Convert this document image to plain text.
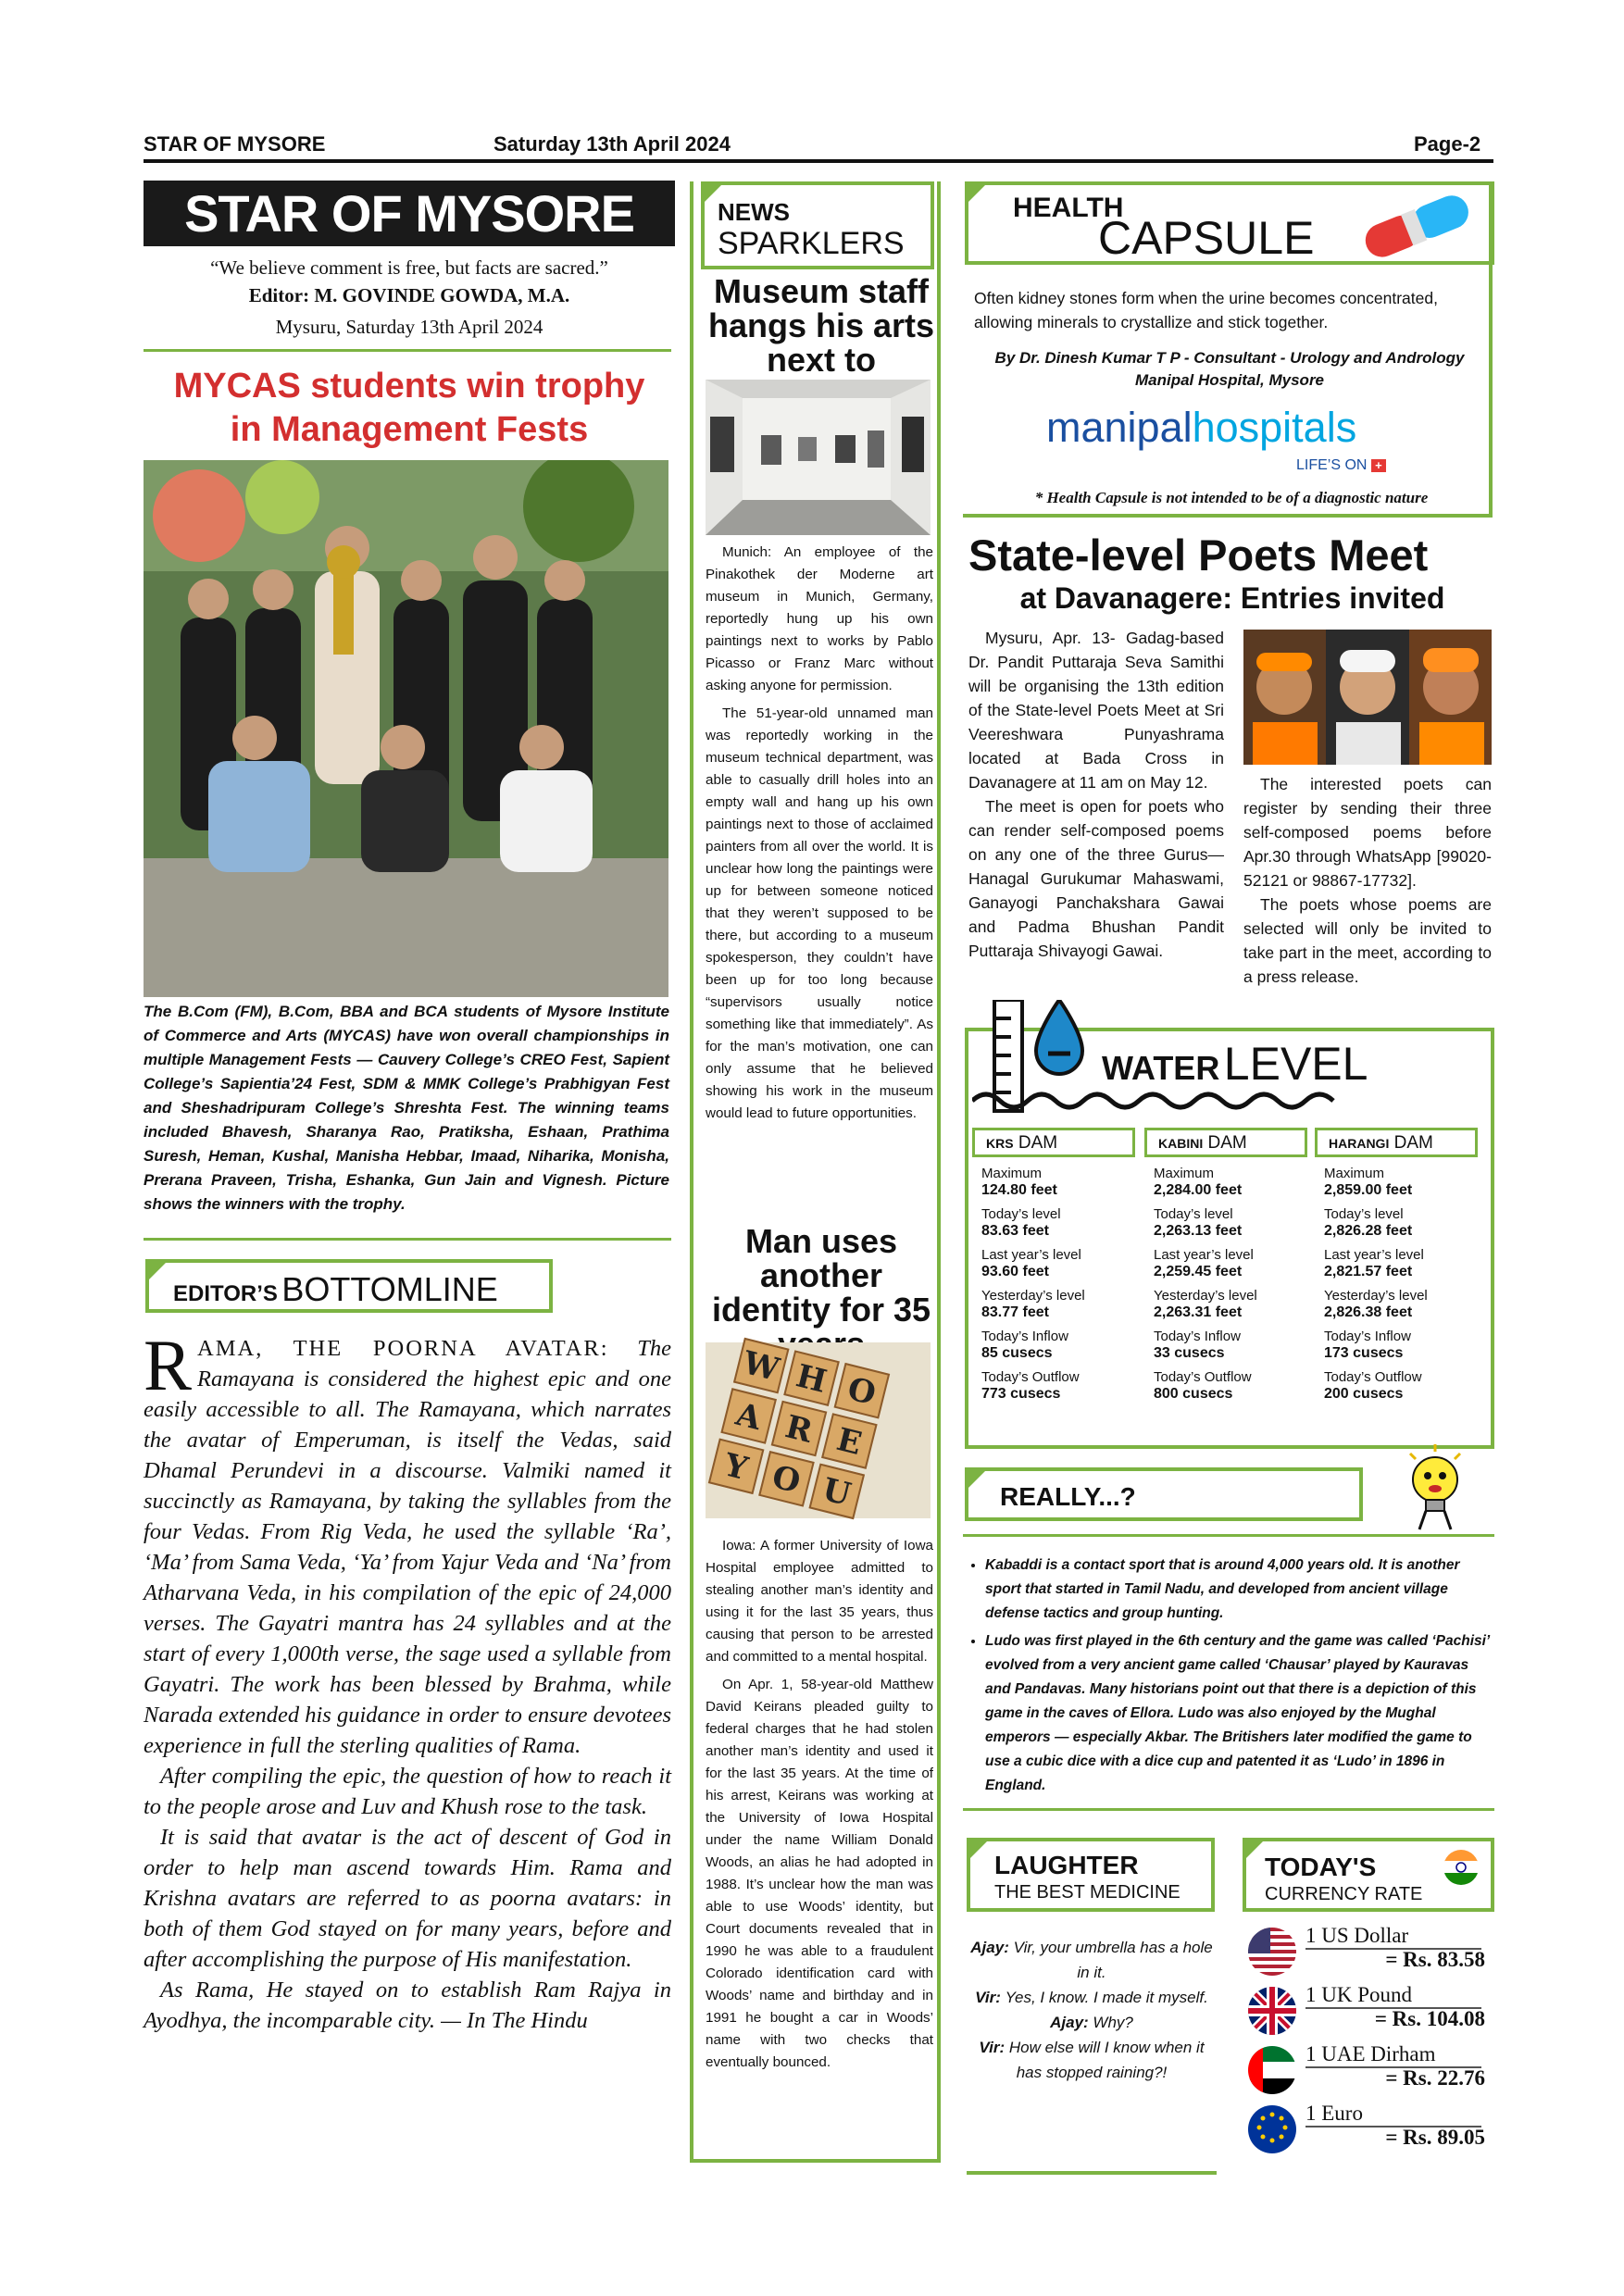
STAR OF MYSORE	Saturday 13th April 2024	Page-2
STAR OF MYSORE
“We believe comment is free, but facts are sacred.”
Editor: M. GOVINDE GOWDA, M.A.
Mysuru, Saturday 13th April 2024
MYCAS students win trophy
in Management Fests
The B.Com (FM), B.Com, BBA and BCA students of Mysore Institute of Commerce and Arts (MYCAS) have won overall championships in multiple Management Fests — Cauvery College’s CREO Fest, Sapient College’s Sapientia’24 Fest, SDM & MMK College’s Prabhigyan Fest and Sheshadripuram College’s Shreshta Fest. The winning teams included Bhavesh, Sharanya Rao, Pratiksha, Eshaan, Prathima Suresh, Heman, Kushal, Manisha Hebbar, Imaad, Niharika, Monisha, Prerana Praveen, Trisha, Eshanka, Gun Jain and Vignesh. Picture shows the winners with the trophy.
EDITOR’S BOTTOMLINE

RAMA, THE POORNA AVATAR: The Ramayana is considered the highest epic and one easily accessible to all. The Ramayana, which narrates the avatar of Emperuman, is itself the Vedas, said Dhamal Perundevi in a discourse. Valmiki named it succinctly as Ramayana, by taking the syllables from the four Vedas. From Rig Veda, he used the syllable ‘Ra’, ‘Ma’ from Sama Veda, ‘Ya’ from Yajur Veda and ‘Na’ from Atharvana Veda, in his compilation of the epic of 24,000 verses. The Gayatri mantra has 24 syllables and at the start of every 1,000th verse, the sage used a syllable from Gayatri. The work has been blessed by Brahma, while Narada extended his guidance in order to ensure devotees experience in full the sterling qualities of Rama.

After compiling the epic, the question of how to reach it to the people arose and Luv and Khush rose to the task.

It is said that avatar is the act of descent of God in order to help man ascend towards Him. Rama and Krishna avatars are referred to as poorna avatars: in both of them God stayed on for many years, before and after accomplishing the purpose of His manifestation.

As Rama, He stayed on to establish Ram Rajya in Ayodhya, the incomparable city. — In The Hindu

NEWS
SPARKLERS
Museum staff hangs his arts next to

Munich: An employee of the Pinakothek der Moderne art museum in Munich, Germany, reportedly hung up his own paintings next to works by Pablo Picasso or Franz Marc without asking anyone for permission.

The 51-year-old unnamed man was reportedly working in the museum technical department, was able to casually drill holes into an empty wall and hang up his own paintings next to those of acclaimed painters from all over the world. It is unclear how long the paintings were up for between someone noticed that they weren’t supposed to be there, but according to a museum spokesperson, they couldn’t have been up for too long because “supervisors usually notice something like that immediately”. As for the man’s motivation, one can only assume that he believed showing his work in the museum would lead to future opportunities.

Man uses another identity for 35
W H O
A R E
Y O U

Iowa: A former University of Iowa Hospital employee admitted to stealing another man’s identity and using it for the last 35 years, thus causing that person to be arrested and committed to a mental hospital.

On Apr. 1, 58-year-old Matthew David Keirans pleaded guilty to federal charges that he had stolen another man’s identity and used it for the last 35 years. At the time of his arrest, Keirans was working at the University of Iowa Hospital under the name William Donald Woods, an alias he had adopted in 1988. It’s unclear how the man was able to use Woods’ identity, but Court documents revealed that in 1990 he was able to a fraudulent Colorado identification card with Woods’ name and birthday and in 1991 he bought a car in Woods’ name with two checks that eventually bounced.

HEALTH
CAPSULE
Often kidney stones form when the urine becomes concentrated, allowing minerals to crystallize and stick together.
By Dr. Dinesh Kumar T P - Consultant - Urology and Andrology
Manipal Hospital, Mysore
manipalhospitals
LIFE’S ON +
* Health Capsule is not intended to be of a diagnostic nature
State-level Poets Meet
at Davanagere: Entries invited

Mysuru, Apr. 13- Gadag-based Dr. Pandit Puttaraja Seva Samithi will be organising the 13th edition of the State-level Poets Meet at Sri Veereshwara Punyashrama located at Bada Cross in Davanagere at 11 am on May 12.

The meet is open for poets who can render self-composed poems on any one of the three Gurus— Hanagal Gurukumar Mahaswami, Ganayogi Panchakshara Gawai and Padma Bhushan Pandit Puttaraja Shivayogi Gawai.

The interested poets can register by sending their three self-composed poems before Apr.30 through WhatsApp [99020-52121 or 98867-17732].

The poets whose poems are selected will only be invited to take part in the meet, according to a press release.

WATER LEVEL
KRS DAM
Maximum
124.80 feet
Today’s level
83.63 feet
Last year’s level
93.60 feet
Yesterday’s level
83.77 feet
Today’s Inflow
85 cusecs
Today’s Outflow
773 cusecs
KABINI DAM
Maximum
2,284.00 feet
Today’s level
2,263.13 feet
Last year’s level
2,259.45 feet
Yesterday’s level
2,263.31 feet
Today’s Inflow
33 cusecs
Today’s Outflow
800 cusecs
HARANGI DAM
Maximum
2,859.00 feet
Today’s level
2,826.28 feet
Last year’s level
2,821.57 feet
Yesterday’s level
2,826.38 feet
Today’s Inflow
173 cusecs
Today’s Outflow
200 cusecs
REALLY...?
• Kabaddi is a contact sport that is around 4,000 years old. It is another sport that started in Tamil Nadu, and developed from ancient village defense tactics and group hunting.
• Ludo was first played in the 6th century and the game was called ‘Pachisi’ evolved from a very ancient game called ‘Chausar’ played by Kauravas and Pandavas. Many historians point out that there is a depiction of this game in the caves of Ellora. Ludo was also enjoyed by the Mughal emperors — especially Akbar. The Britishers later modified the game to use a cubic dice with a dice cup and patented it as ‘Ludo’ in 1896 in England.
LAUGHTER
THE BEST MEDICINE
Ajay: Vir, your umbrella has a hole in it.
Vir: Yes, I know. I made it myself.
Ajay: Why?
Vir: How else will I know when it has stopped raining?!
TODAY'S
CURRENCY RATE
1 US Dollar
= Rs. 83.58
1 UK Pound
= Rs. 104.08
1 UAE Dirham
= Rs. 22.76
1 Euro
= Rs. 89.05
